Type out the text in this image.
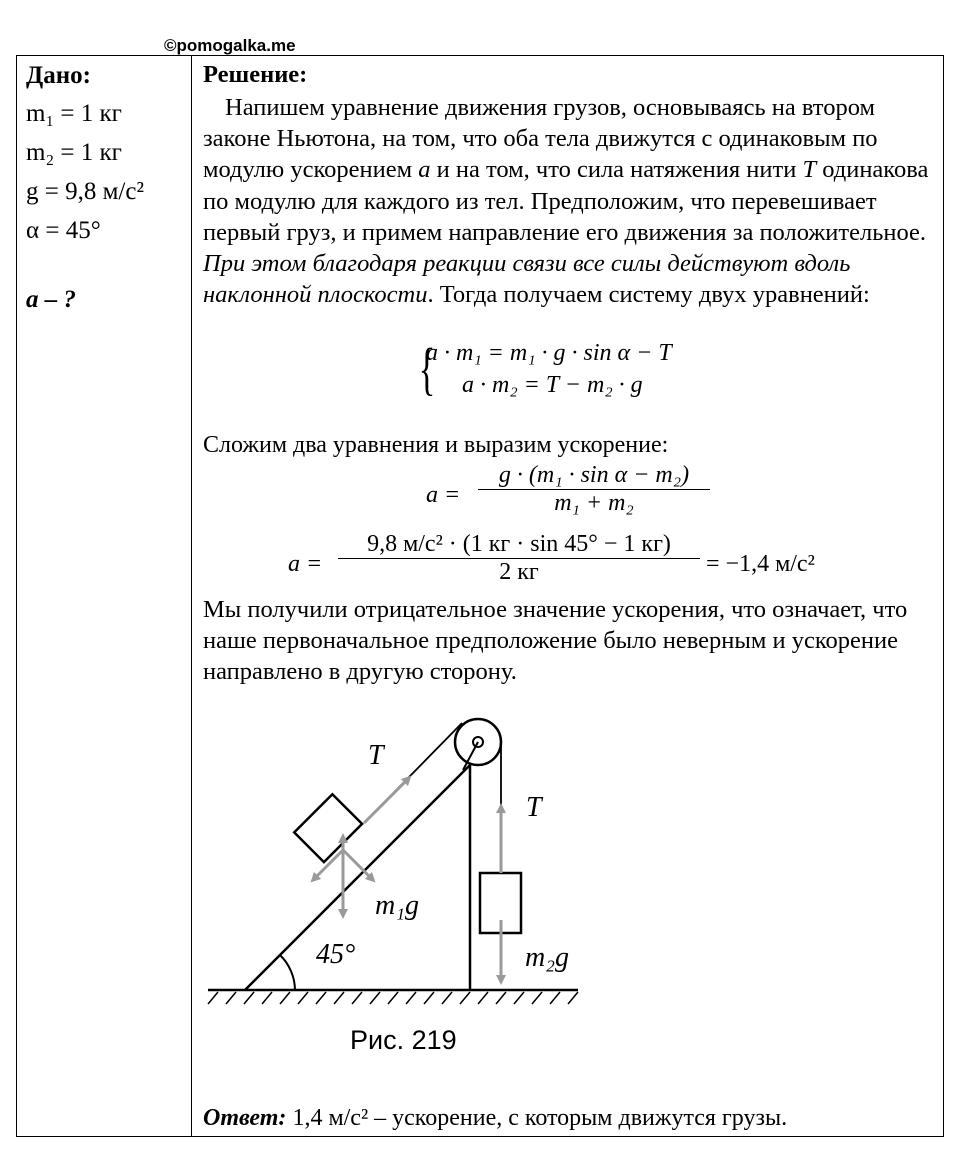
©pomogalka.me
Дано:
m₁ = 1 кг
m₂ = 1 кг
g = 9,8 м/с²
α = 45°
a – ?
Решение:

Напишем уравнение движения грузов, основываясь на втором законе Ньютона, на том, что оба тела движутся с одинаковым по модулю ускорением a и на том, что сила натяжения нити T одинакова по модулю для каждого из тел. Предположим, что перевешивает первый груз, и примем направление его движения за положительное. При этом благодаря реакции связи все силы действуют вдоль наклонной плоскости. Тогда получаем систему двух уравнений:

{
a · m₁ = m₁ · g · sin α − T
a · m₂ = T − m₂ · g
Сложим два уравнения и выразим ускорение:
$a = \frac{\text{g · (m₁ · sin α − m₂)}}{\text{m₁ + m₂}}$
a =
9,8 м/с² · (1 кг · sin 45° − 1 кг)
2 кг	= −1,4 м/с²

Мы получили отрицательное значение ускорения, что означает, что наше первоначальное предположение было неверным и ускорение направлено в другую сторону.

T
T
m₁g
45°	m₂g
Рис. 219
Ответ: 1,4 м/с² – ускорение, с которым движутся грузы.
